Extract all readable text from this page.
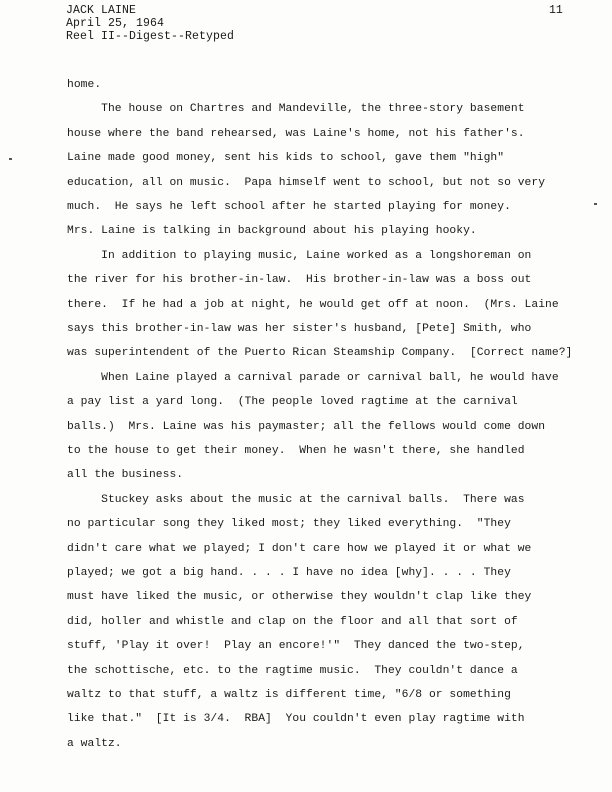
JACK LAINE
April 25, 1964
Reel II--Digest--Retyped
11
home.
The house on Chartres and Mandeville, the three-story basement
house where the band rehearsed, was Laine's home, not his father's.
Laine made good money, sent his kids to school, gave them "high"
education, all on music.  Papa himself went to school, but not so very
much.  He says he left school after he started playing for money.
Mrs. Laine is talking in background about his playing hooky.
In addition to playing music, Laine worked as a longshoreman on
the river for his brother-in-law.  His brother-in-law was a boss out
there.  If he had a job at night, he would get off at noon.  (Mrs. Laine
says this brother-in-law was her sister's husband, [Pete] Smith, who
was superintendent of the Puerto Rican Steamship Company.  [Correct name?]
When Laine played a carnival parade or carnival ball, he would have
a pay list a yard long.  (The people loved ragtime at the carnival
balls.)  Mrs. Laine was his paymaster; all the fellows would come down
to the house to get their money.  When he wasn't there, she handled
all the business.
Stuckey asks about the music at the carnival balls.  There was
no particular song they liked most; they liked everything.  "They
didn't care what we played; I don't care how we played it or what we
played; we got a big hand. . . . I have no idea [why]. . . . They
must have liked the music, or otherwise they wouldn't clap like they
did, holler and whistle and clap on the floor and all that sort of
stuff, 'Play it over!  Play an encore!'"  They danced the two-step,
the schottische, etc. to the ragtime music.  They couldn't dance a
waltz to that stuff, a waltz is different time, "6/8 or something
like that."  [It is 3/4.  RBA]  You couldn't even play ragtime with
a waltz.
